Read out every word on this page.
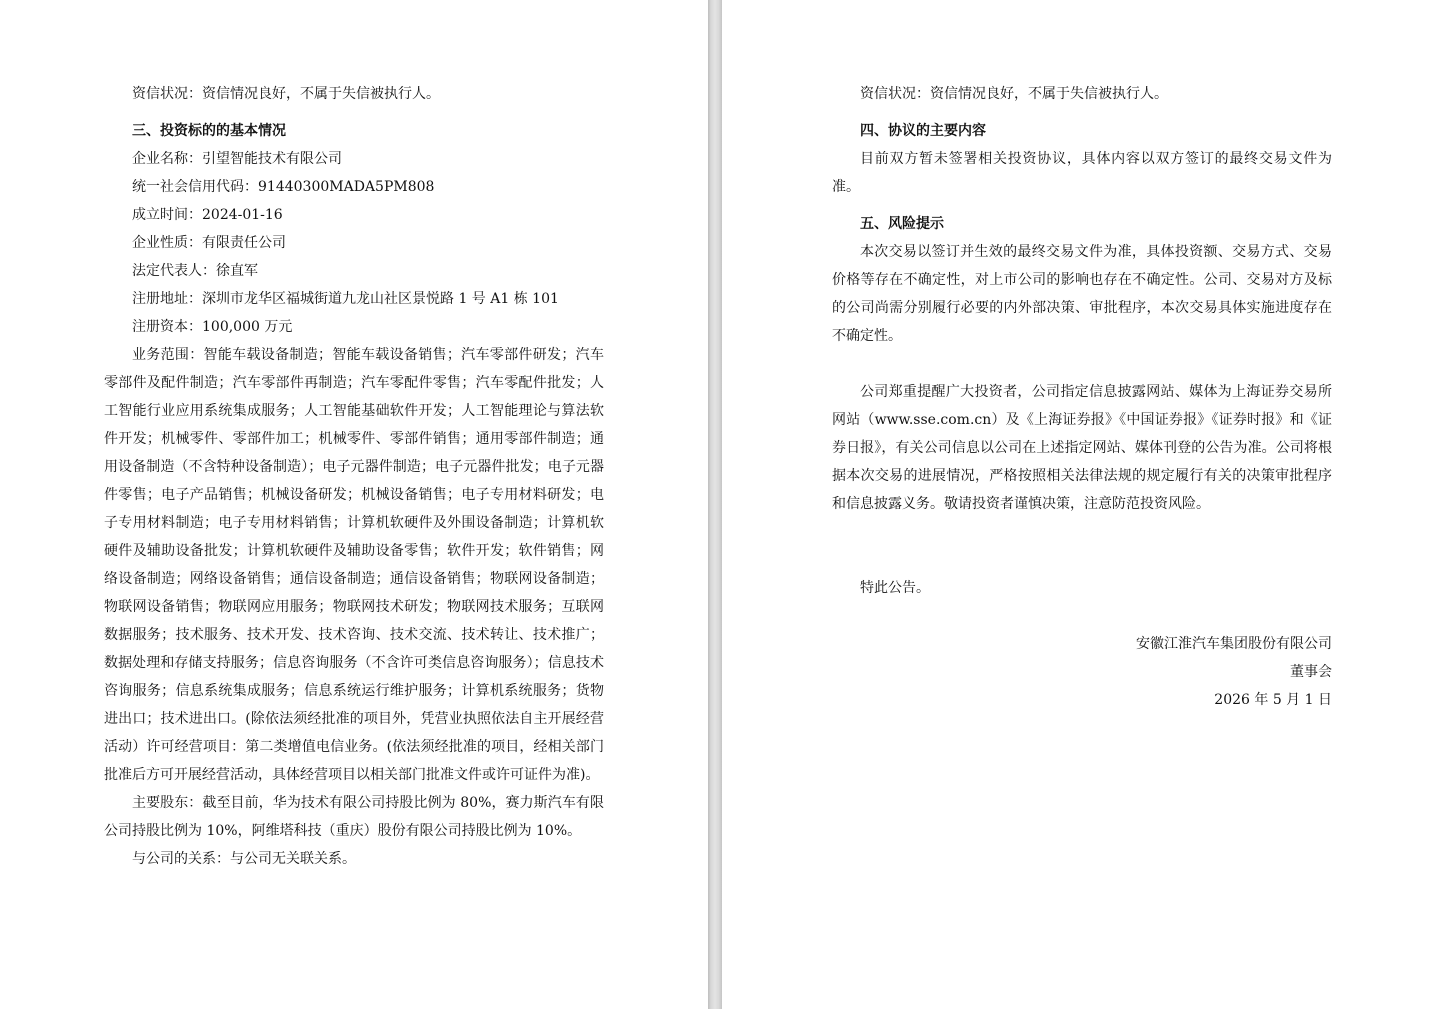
资信状况：资信情况良好，不属于失信被执行人。

三、投资标的的基本情况

企业名称：引望智能技术有限公司

统一社会信用代码：91440300MADA5PM808

成立时间：2024-01-16

企业性质：有限责任公司

法定代表人：徐直军

注册地址：深圳市龙华区福城街道九龙山社区景悦路 1 号 A1 栋 101

注册资本：100,000 万元

业务范围：智能车载设备制造；智能车载设备销售；汽车零部件研发；汽车零部件及配件制造；汽车零部件再制造；汽车零配件零售；汽车零配件批发；人工智能行业应用系统集成服务；人工智能基础软件开发；人工智能理论与算法软件开发；机械零件、零部件加工；机械零件、零部件销售；通用零部件制造；通用设备制造（不含特种设备制造）；电子元器件制造；电子元器件批发；电子元器件零售；电子产品销售；机械设备研发；机械设备销售；电子专用材料研发；电子专用材料制造；电子专用材料销售；计算机软硬件及外围设备制造；计算机软硬件及辅助设备批发；计算机软硬件及辅助设备零售；软件开发；软件销售；网络设备制造；网络设备销售；通信设备制造；通信设备销售；物联网设备制造；物联网设备销售；物联网应用服务；物联网技术研发；物联网技术服务；互联网数据服务；技术服务、技术开发、技术咨询、技术交流、技术转让、技术推广；数据处理和存储支持服务；信息咨询服务（不含许可类信息咨询服务）；信息技术咨询服务；信息系统集成服务；信息系统运行维护服务；计算机系统服务；货物进出口；技术进出口。(除依法须经批准的项目外，凭营业执照依法自主开展经营活动）许可经营项目：第二类增值电信业务。(依法须经批准的项目，经相关部门批准后方可开展经营活动，具体经营项目以相关部门批准文件或许可证件为准)。

主要股东：截至目前，华为技术有限公司持股比例为 80%，赛力斯汽车有限公司持股比例为 10%，阿维塔科技（重庆）股份有限公司持股比例为 10%。

与公司的关系：与公司无关联关系。

资信状况：资信情况良好，不属于失信被执行人。

四、协议的主要内容

目前双方暂未签署相关投资协议，具体内容以双方签订的最终交易文件为准。

五、风险提示

本次交易以签订并生效的最终交易文件为准，具体投资额、交易方式、交易价格等存在不确定性，对上市公司的影响也存在不确定性。公司、交易对方及标的公司尚需分别履行必要的内外部决策、审批程序，本次交易具体实施进度存在不确定性。

公司郑重提醒广大投资者，公司指定信息披露网站、媒体为上海证券交易所网站（www.sse.com.cn）及《上海证券报》《中国证券报》《证券时报》和《证券日报》，有关公司信息以公司在上述指定网站、媒体刊登的公告为准。公司将根据本次交易的进展情况，严格按照相关法律法规的规定履行有关的决策审批程序和信息披露义务。敬请投资者谨慎决策，注意防范投资风险。

特此公告。

安徽江淮汽车集团股份有限公司

董事会

2026 年 5 月 1 日
